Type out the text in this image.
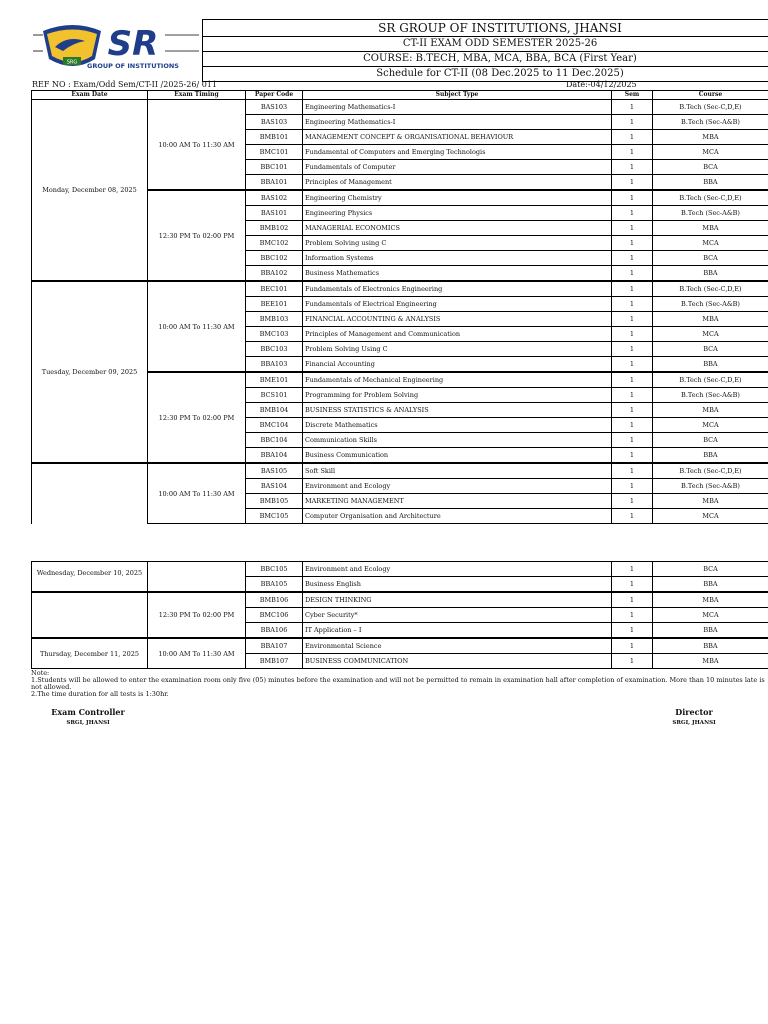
SRG SR
GROUP OF INSTITUTIONS
SR GROUP OF INSTITUTIONS, JHANSI
CT-II EXAM ODD SEMESTER 2025-26
COURSE: B.TECH, MBA, MCA, BBA, BCA (First Year)
Schedule for CT-II (08 Dec.2025 to 11 Dec.2025)
REF NO : Exam/Odd Sem/CT-II /2025-26/ 011	Date:-04/12/2025
Exam Date	Exam Timing	Paper Code	Subject Type	Sem	Course
Monday, December 08, 2025	10:00 AM To 11:30 AM	BAS103	Engineering Mathematics-I	1	B.Tech (Sec-C,D,E)
		BAS103	Engineering Mathematics-I	1	B.Tech (Sec-A&B)
		BMB101	MANAGEMENT CONCEPT & ORGANISATIONAL BEHAVIOUR	1	MBA
		BMC101	Fundamental of Computers and Emerging Technologis	1	MCA
		BBC101	Fundamentals of Computer	1	BCA
		BBA101	Principles of Management	1	BBA
	12:30 PM To 02:00 PM	BAS102	Engineering Chemistry	1	B.Tech (Sec-C,D,E)
		BAS101	Engineering Physics	1	B.Tech (Sec-A&B)
		BMB102	MANAGERIAL ECONOMICS	1	MBA
		BMC102	Problem Solving using C	1	MCA
		BBC102	Information Systems	1	BCA
		BBA102	Business Mathematics	1	BBA
Tuesday, December 09, 2025	10:00 AM To 11:30 AM	BEC101	Fundamentals of Electronics Engineering	1	B.Tech (Sec-C,D,E)
		BEE101	Fundamentals of Electrical Engineering	1	B.Tech (Sec-A&B)
		BMB103	FINANCIAL ACCOUNTING & ANALYSIS	1	MBA
		BMC103	Principles of Management and Communication	1	MCA
		BBC103	Problem Solving Using C	1	BCA
		BBA103	Financial Accounting	1	BBA
	12:30 PM To 02:00 PM	BME101	Fundamentals of Mechanical Engineering	1	B.Tech (Sec-C,D,E)
		BCS101	Programming for Problem Solving	1	B.Tech (Sec-A&B)
		BMB104	BUSINESS STATISTICS & ANALYSIS	1	MBA
		BMC104	Discrete Mathematics	1	MCA
		BBC104	Communication Skills	1	BCA
		BBA104	Business Communication	1	BBA
	10:00 AM To 11:30 AM	BAS105	Soft Skill	1	B.Tech (Sec-C,D,E)
		BAS104	Environment and Ecology	1	B.Tech (Sec-A&B)
		BMB105	MARKETING MANAGEMENT	1	MBA
		BMC105	Computer Organisation and Architecture	1	MCA
Wednesday, December 10, 2025		BBC105	Environment and Ecology	1	BCA
		BBA105	Business English	1	BBA
	12:30 PM To 02:00 PM	BMB106	DESIGN THINKING	1	MBA
		BMC106	Cyber Security*	1	MCA
		BBA106	IT Application – I	1	BBA
Thursday, December 11, 2025	10:00 AM To 11:30 AM	BBA107	Environmental Science	1	BBA
		BMB107	BUSINESS COMMUNICATION	1	MBA
Note:
1.Students will be allowed to enter the examination room only five (05) minutes before the examination and will not be permitted to remain in examination hall after completion of examination. More than 10 minutes late is not allowed.
2.The time duration for all tests is 1:30hr.
Exam Controller
SRGI, JHANSI
Director
SRGI, JHANSI
